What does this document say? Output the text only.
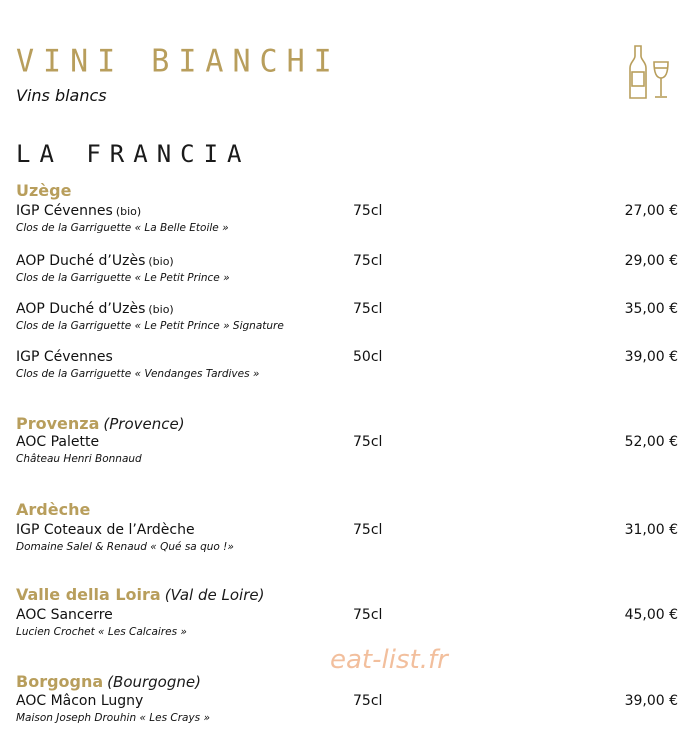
VINI BIANCHI
Vins blancs
LA FRANCIA
Uzège
IGP Cévennes (bio)
Clos de la Garriguette « La Belle Etoile »
75cl	27,00 €
AOP Duché d’Uzès (bio)
Clos de la Garriguette « Le Petit Prince »
75cl	29,00 €
AOP Duché d’Uzès (bio)
Clos de la Garriguette « Le Petit Prince » Signature
75cl	35,00 €
IGP Cévennes
Clos de la Garriguette « Vendanges Tardives »
50cl	39,00 €
Provenza (Provence)
AOC Palette
Château Henri Bonnaud
75cl	52,00 €
Ardèche
IGP Coteaux de l’Ardèche
Domaine Salel & Renaud « Qué sa quo !»
75cl	31,00 €
Valle della Loira (Val de Loire)
AOC Sancerre
Lucien Crochet « Les Calcaires »
75cl	45,00 €
Borgogna (Bourgogne)
AOC Mâcon Lugny
Maison Joseph Drouhin « Les Crays »
75cl	39,00 €
eat-list.fr
